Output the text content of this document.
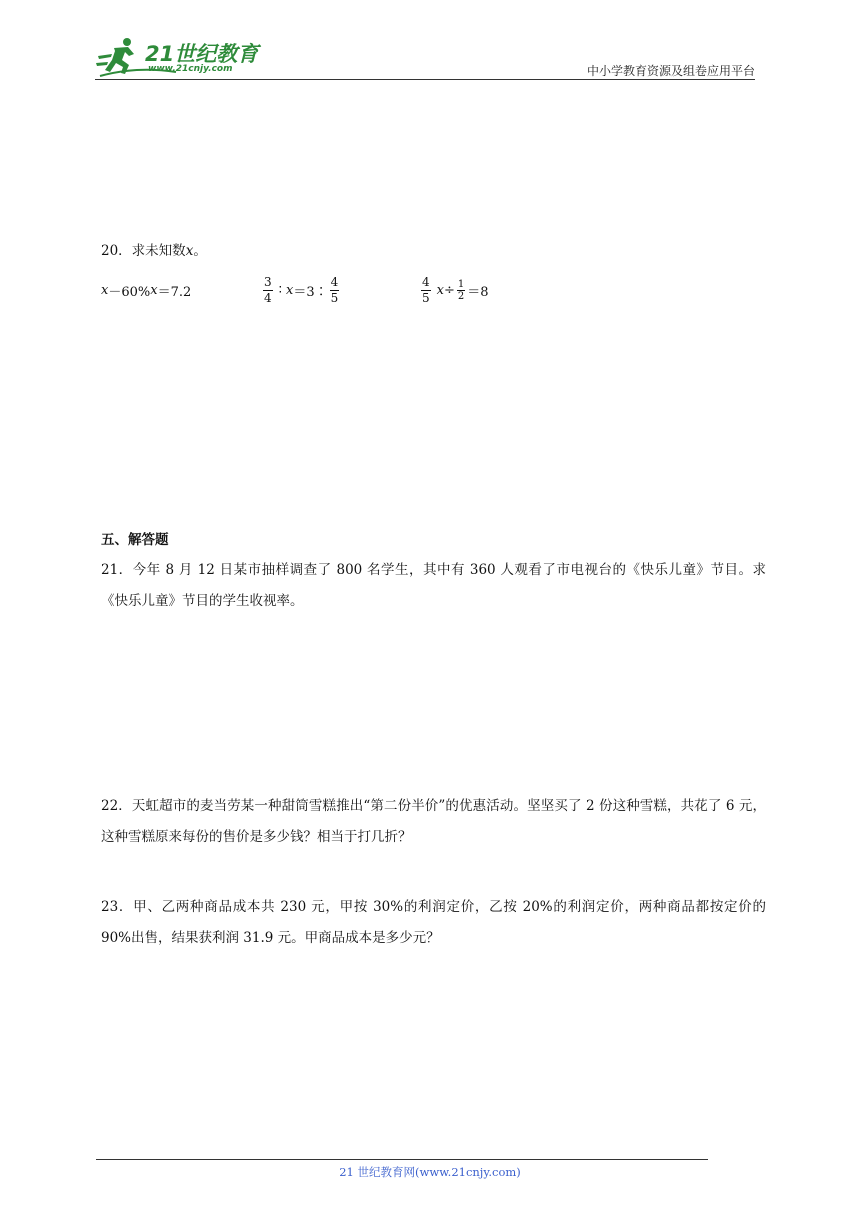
21世纪教育
www.21cnjy.com	中小学教育资源及组卷应用平台
20．求未知数x。
x －60% x ＝7.2	$\frac{3}{4}$ ∶ x ＝3∶ $\frac{4}{5}$	$\frac{4}{5}$ $x \div \frac{1}{2} =8$
五、解答题
21．今年 8 月 12 日某市抽样调查了 800 名学生，其中有 360 人观看了市电视台的《快乐儿童》节目。求《快乐儿童》节目的学生收视率。
22．天虹超市的麦当劳某一种甜筒雪糕推出“第二份半价”的优惠活动。坚坚买了 2 份这种雪糕，共花了 6 元，这种雪糕原来每份的售价是多少钱？相当于打几折？
23．甲、乙两种商品成本共 230 元，甲按 30%的利润定价，乙按 20%的利润定价，两种商品都按定价的 90%出售，结果获利润 31.9 元。甲商品成本是多少元？
21 世纪教育网(www.21cnjy.com)
